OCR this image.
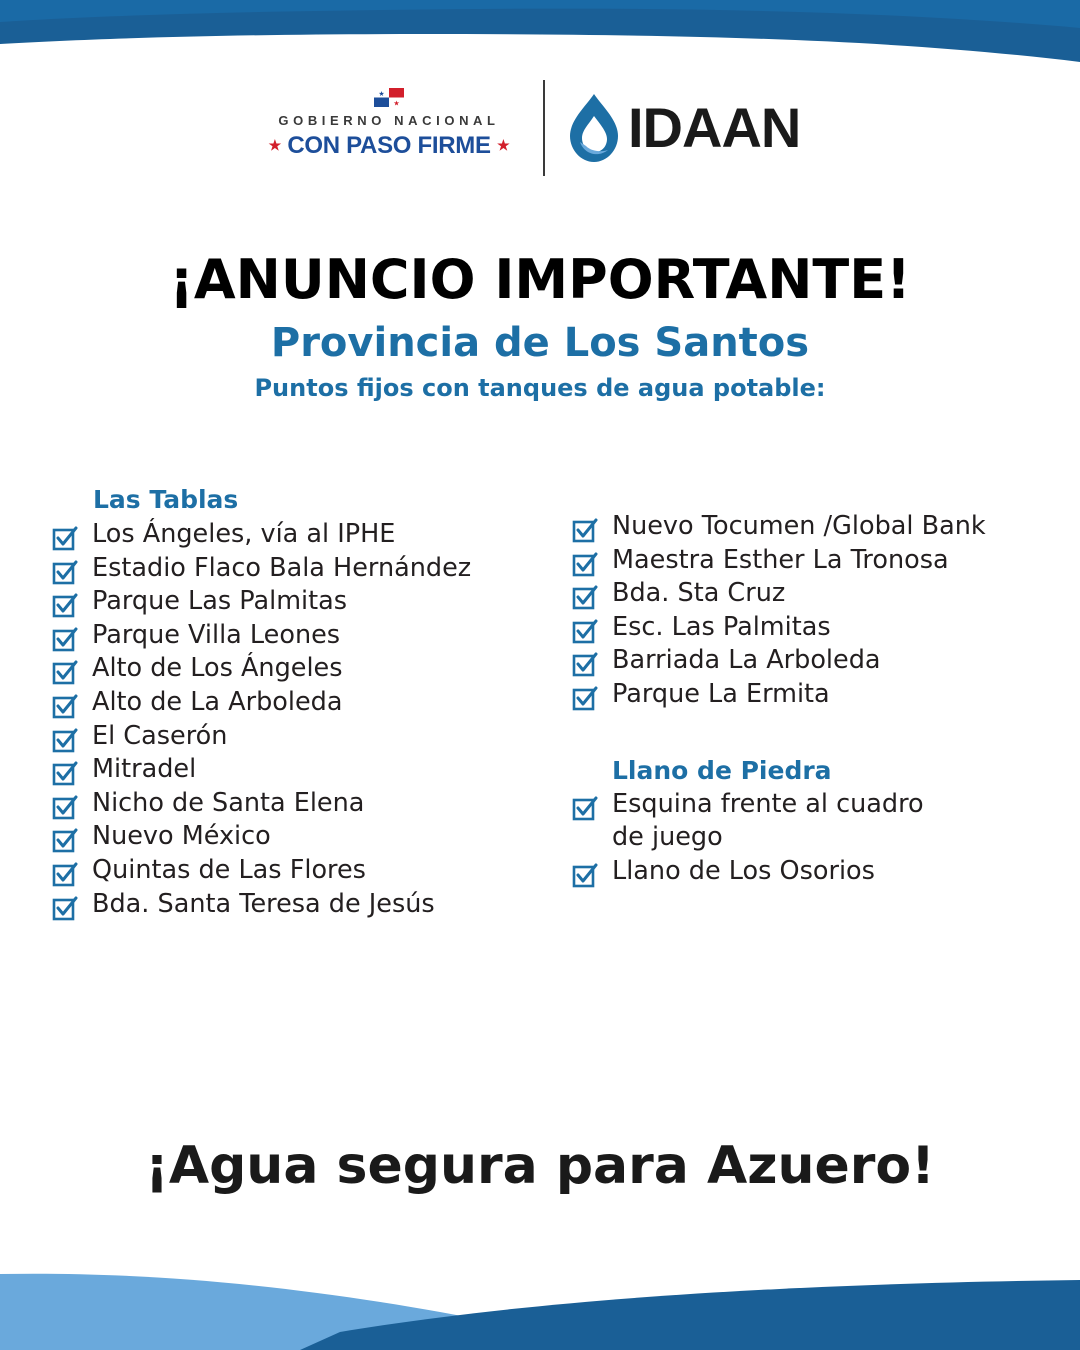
★
★
GOBIERNO NACIONAL
★ CON PASO FIRME ★ IDAAN
¡ANUNCIO IMPORTANTE!
Provincia de Los Santos
Puntos fijos con tanques de agua potable:
Las Tablas
Los Ángeles, vía al IPHE
Estadio Flaco Bala Hernández
Parque Las Palmitas
Parque Villa Leones
Alto de Los Ángeles
Alto de La Arboleda
El Caserón
Mitradel
Nicho de Santa Elena
Nuevo México
Quintas de Las Flores
Bda. Santa Teresa de Jesús
Nuevo Tocumen /Global Bank
Maestra Esther La Tronosa
Bda. Sta Cruz
Esc. Las Palmitas
Barriada La Arboleda
Parque La Ermita
Llano de Piedra
Esquina frente al cuadro
de juego
Llano de Los Osorios
¡Agua segura para Azuero!
